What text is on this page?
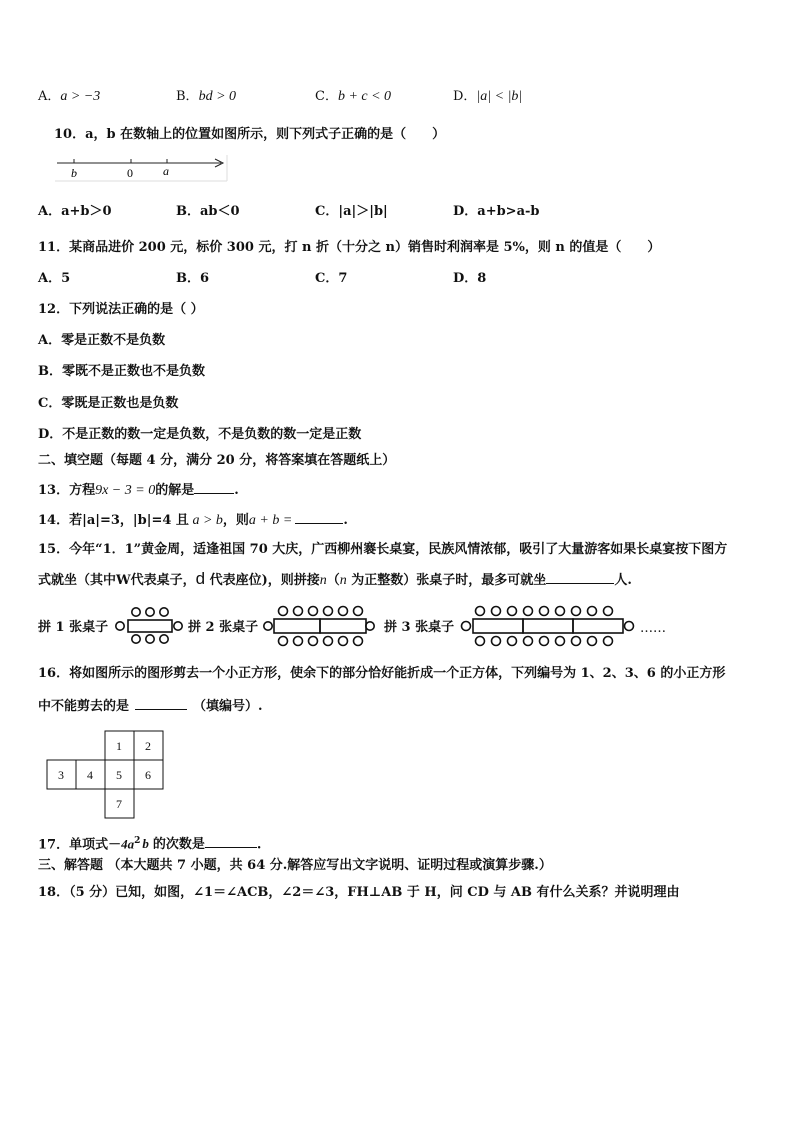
A．a > −3	B．bd > 0	C．b + c < 0	D．|a| < |b|
10．a，b 在数轴上的位置如图所示，则下列式子正确的是（　　）
b	0	a
A．a+b＞0	B．ab＜0	C．|a|＞|b|	D．a+b>a-b
11．某商品进价 200 元，标价 300 元，打 n 折（十分之 n）销售时利润率是 5%，则 n 的值是（　　）
A．5	B．6	C．7	D．8
12．下列说法正确的是（ ）
A．零是正数不是负数
B．零既不是正数也不是负数
C．零既是正数也是负数
D．不是正数的数一定是负数，不是负数的数一定是正数
二、填空题（每题 4 分，满分 20 分，将答案填在答题纸上）
13．方程9x − 3 = 0的解是	.
14．若|a|=3，|b|=4 且 a > b，则a + b =	.
15．今年“1．1”黄金周，适逢祖国 70 大庆，广西柳州褰长桌宴，民族风情浓郁，吸引了大量游客如果长桌宴按下图方
式就坐（其中W代表桌子，d 代表座位)，则拼接n（n 为正整数）张桌子时，最多可就坐	人.
拼 1 张桌子	拼 2 张桌子	拼 3 张桌子	……
16．将如图所示的图形剪去一个小正方形，使余下的部分恰好能折成一个正方体，下列编号为 1、2、3、6 的小正方形
中不能剪去的是	（填编号）.
1 2
3 4 5 6
7
17．单项式$-4a^2$ b 的次数是	.
三、解答题 （本大题共 7 小题，共 64 分.解答应写出文字说明、证明过程或演算步骤.）
18．（5 分）已知，如图，∠1＝∠ACB，∠2＝∠3，FH⊥AB 于 H，问 CD 与 AB 有什么关系？并说明理由
